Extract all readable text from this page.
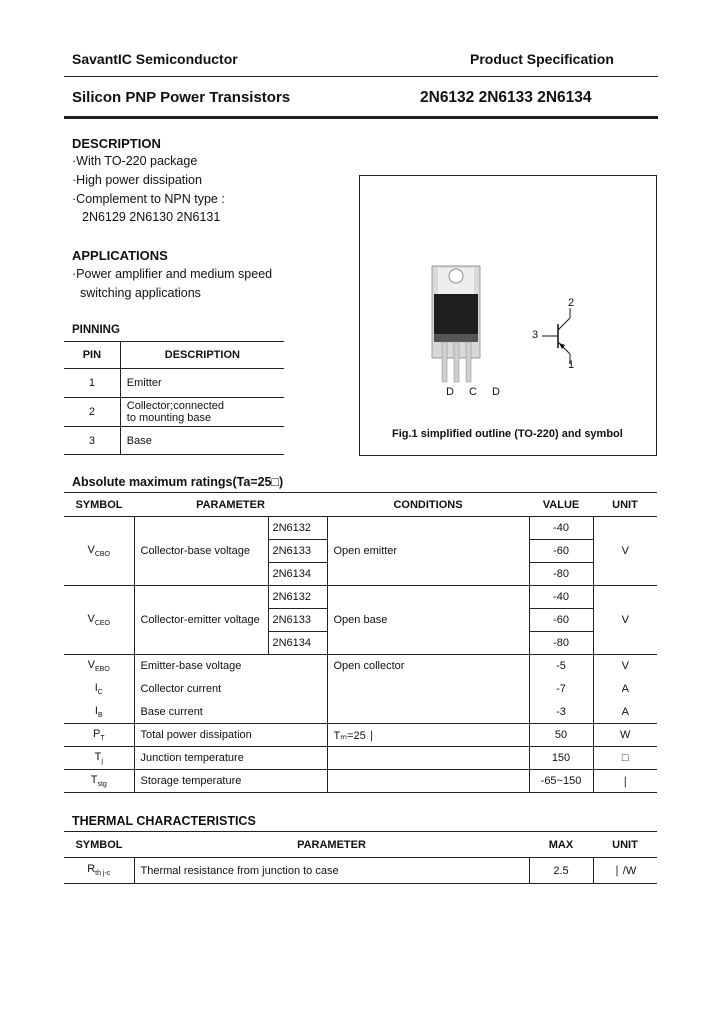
SavantIC Semiconductor	Product Specification
Silicon PNP Power Transistors	2N6132 2N6133 2N6134
DESCRIPTION
·With TO-220 package
·High power dissipation
·Complement to NPN type :
2N6129 2N6130 2N6131
APPLICATIONS
·Power amplifier and medium speed
switching applications
PINNING
PIN	DESCRIPTION
1	Emitter
2	Collector;connected to mounting base
3	Base
D C D
2
3
1
Fig.1 simplified outline (TO-220) and symbol
Absolute maximum ratings(Ta=25□)
SYMBOL	PARAMETER		CONDITIONS	VALUE	UNIT
$V_{CBO}$	Collector-base voltage	2N6132	Open emitter	-40	V
		2N6133		-60	
		2N6134		-80	
$V_{CEO}$	Collector-emitter voltage	2N6132	Open base	-40	V
		2N6133		-60	
		2N6134		-80	
$V_{EBO}$	Emitter-base voltage		Open collector	-5	V
$I_C$	Collector current			-7	A
$I_B$	Base current			-3	A
$P_T$	Total power dissipation		Tₘ=25 ∣	50	W
$T_j$	Junction temperature			150	□
$T_{stg}$	Storage temperature			-65~150	∣
THERMAL CHARACTERISTICS
SYMBOL	PARAMETER	MAX	UNIT
$R_{th j-c}$	Thermal resistance from junction to case	2.5	∣ /W
